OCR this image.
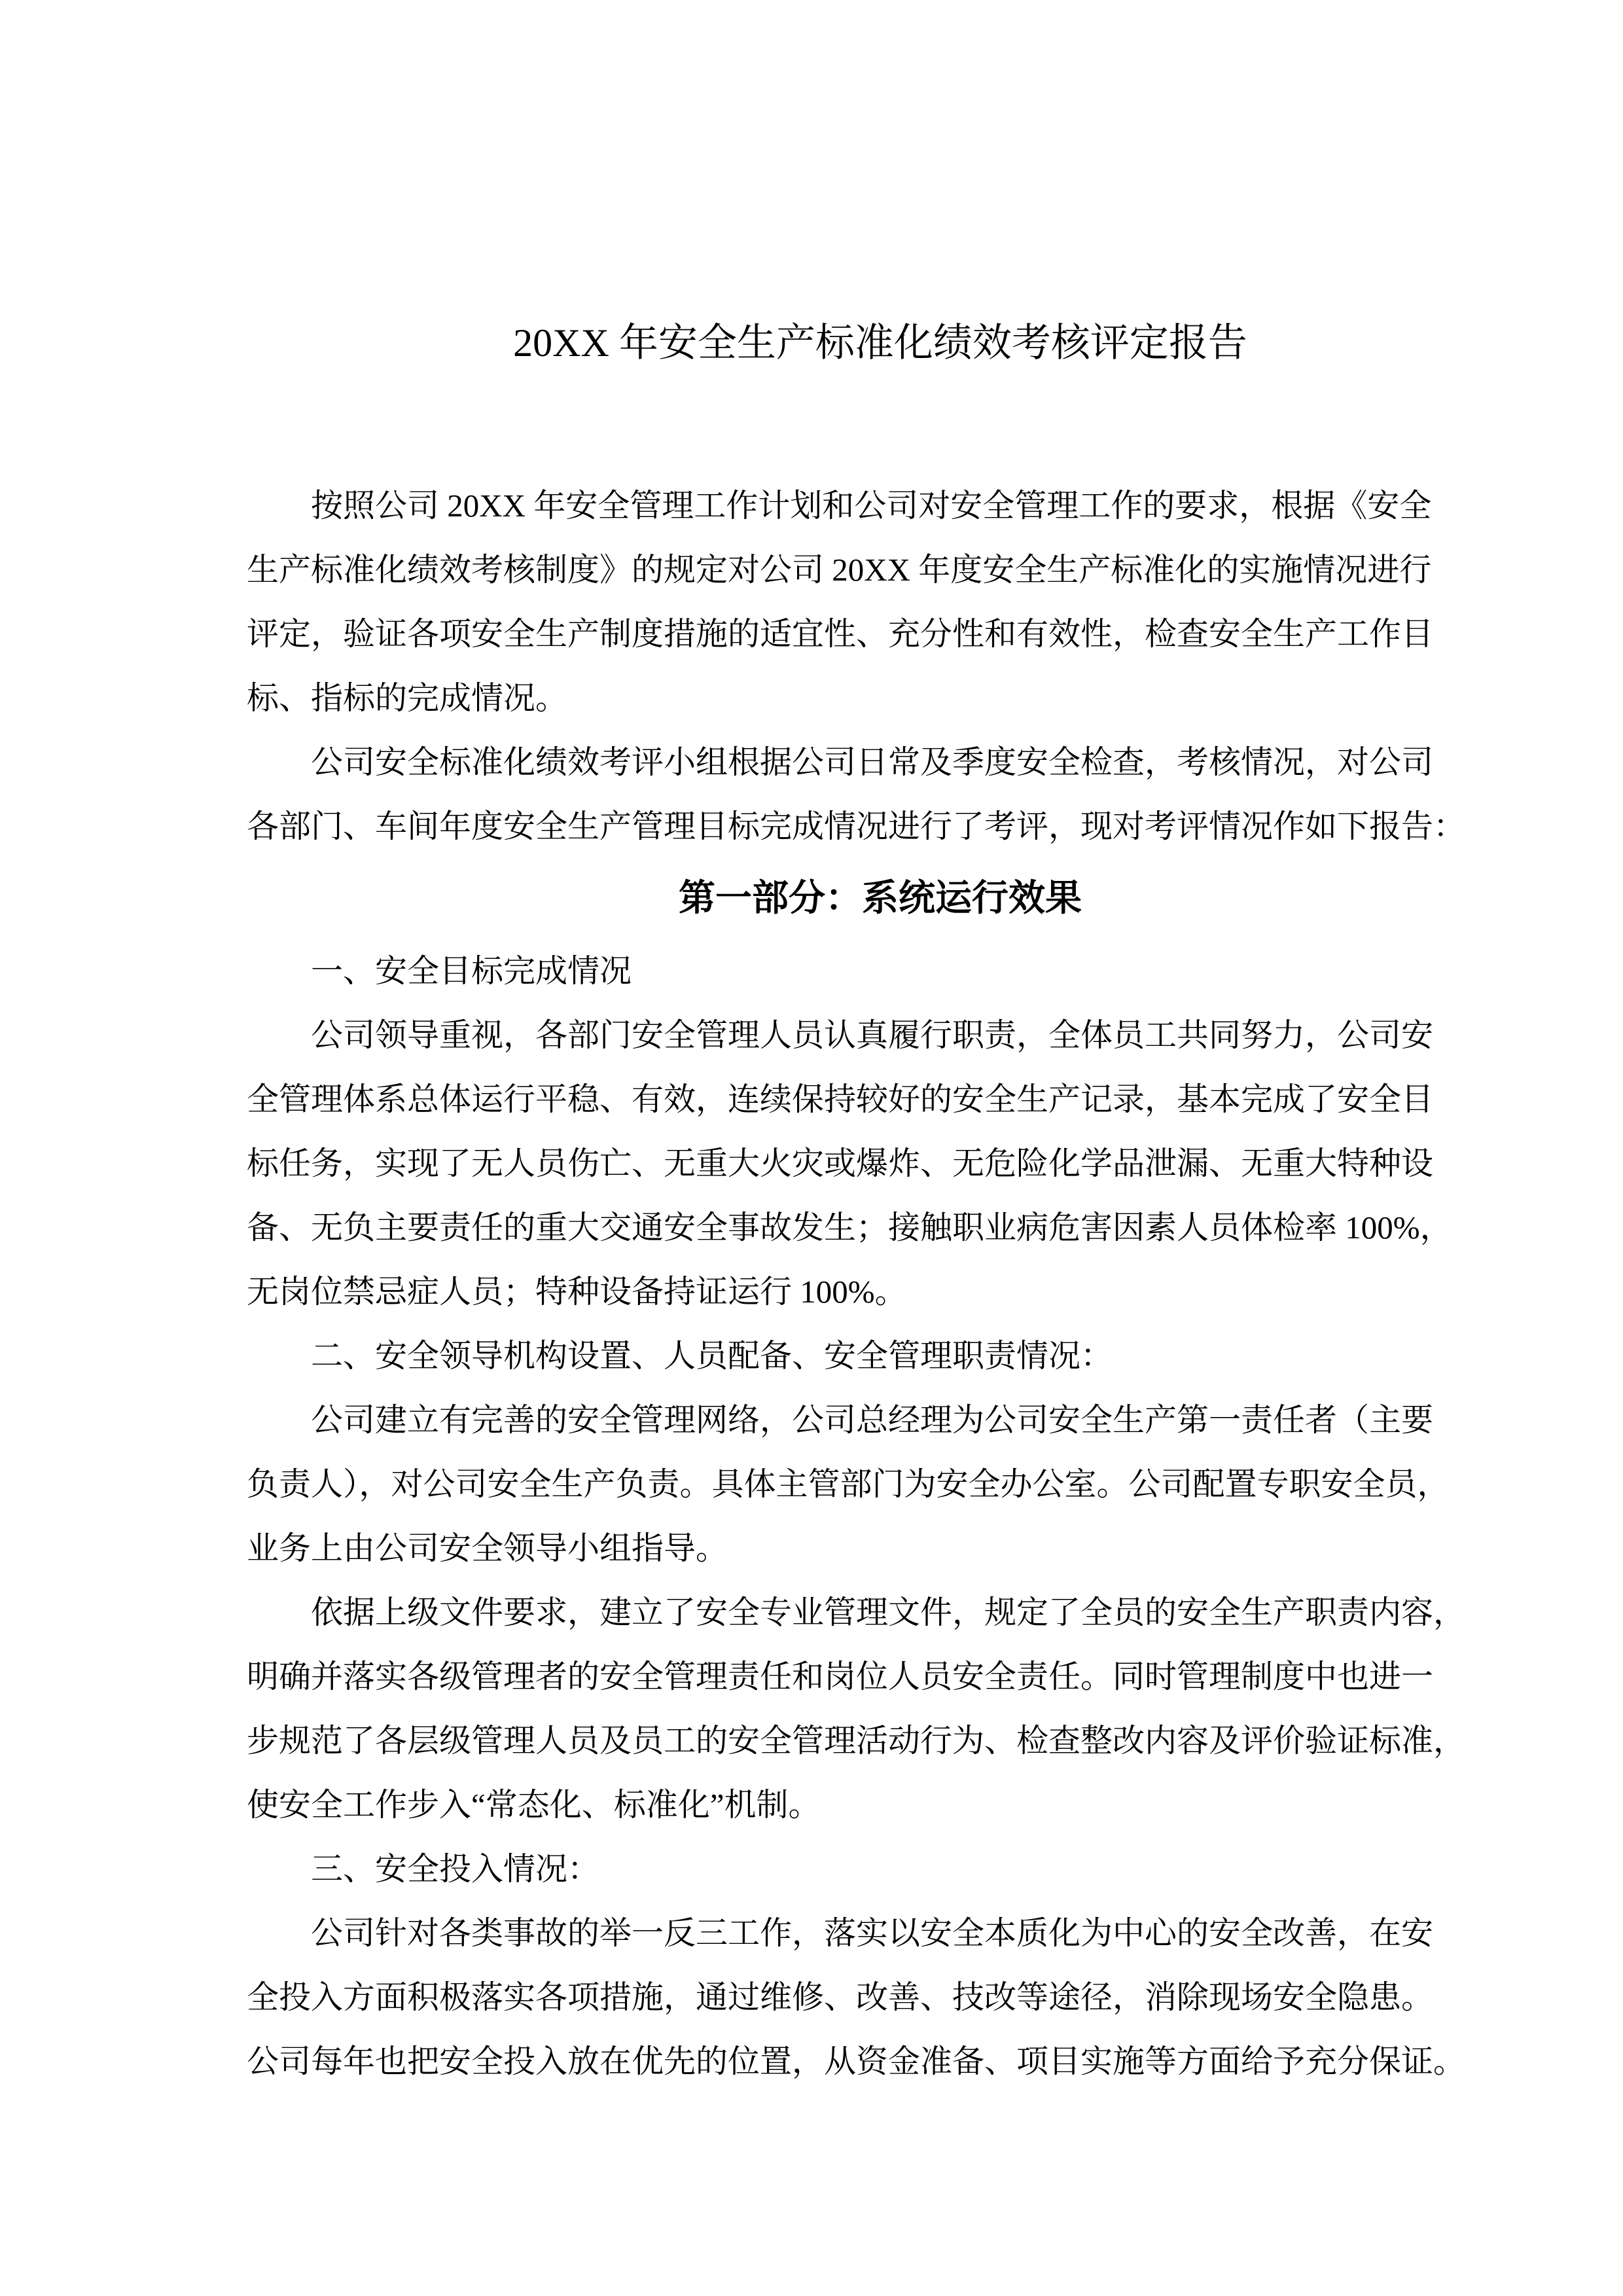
20XX 年安全生产标准化绩效考核评定报告
按照公司 20XX 年安全管理工作计划和公司对安全管理工作的要求，根据《安全
生产标准化绩效考核制度》的规定对公司 20XX 年度安全生产标准化的实施情况进行
评定，验证各项安全生产制度措施的适宜性、充分性和有效性，检查安全生产工作目
标、指标的完成情况。
公司安全标准化绩效考评小组根据公司日常及季度安全检查，考核情况，对公司
各部门、车间年度安全生产管理目标完成情况进行了考评，现对考评情况作如下报告：
第一部分：系统运行效果
一、安全目标完成情况
公司领导重视，各部门安全管理人员认真履行职责，全体员工共同努力，公司安
全管理体系总体运行平稳、有效，连续保持较好的安全生产记录，基本完成了安全目
标任务，实现了无人员伤亡、无重大火灾或爆炸、无危险化学品泄漏、无重大特种设
备、无负主要责任的重大交通安全事故发生；接触职业病危害因素人员体检率 100%，
无岗位禁忌症人员；特种设备持证运行 100%。
二、安全领导机构设置、人员配备、安全管理职责情况：
公司建立有完善的安全管理网络，公司总经理为公司安全生产第一责任者（主要
负责人），对公司安全生产负责。具体主管部门为安全办公室。公司配置专职安全员，
业务上由公司安全领导小组指导。
依据上级文件要求，建立了安全专业管理文件，规定了全员的安全生产职责内容，
明确并落实各级管理者的安全管理责任和岗位人员安全责任。同时管理制度中也进一
步规范了各层级管理人员及员工的安全管理活动行为、检查整改内容及评价验证标准，
使安全工作步入“常态化、标准化”机制。
三、安全投入情况：
公司针对各类事故的举一反三工作，落实以安全本质化为中心的安全改善，在安
全投入方面积极落实各项措施，通过维修、改善、技改等途径，消除现场安全隐患。
公司每年也把安全投入放在优先的位置，从资金准备、项目实施等方面给予充分保证。
